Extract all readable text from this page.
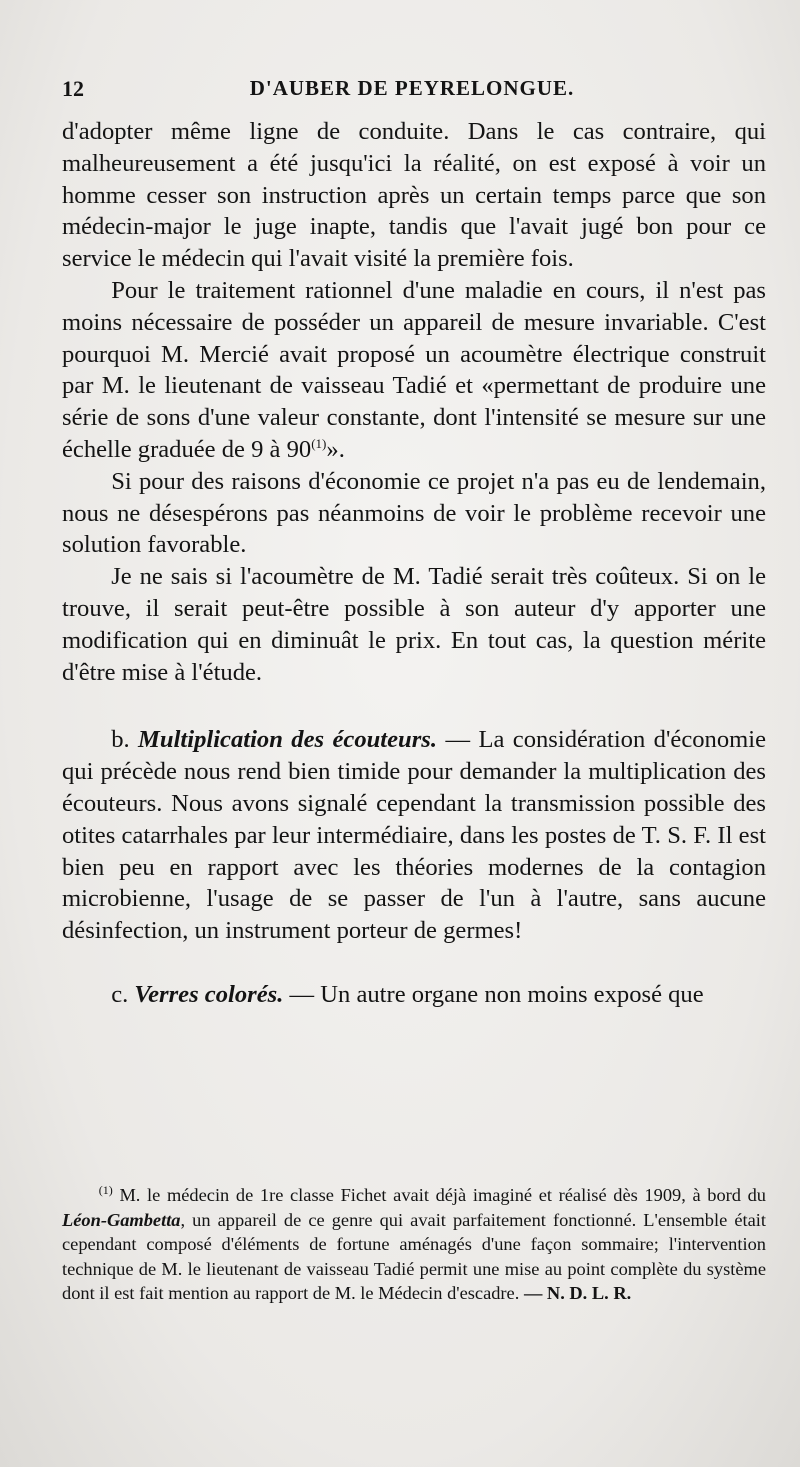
12	D'AUBER DE PEYRELONGUE.

d'adopter même ligne de conduite. Dans le cas contraire, qui malheureusement a été jusqu'ici la réalité, on est exposé à voir un homme cesser son instruction après un certain temps parce que son médecin-major le juge inapte, tandis que l'avait jugé bon pour ce service le médecin qui l'avait visité la première fois.

Pour le traitement rationnel d'une maladie en cours, il n'est pas moins nécessaire de posséder un appareil de mesure invariable. C'est pourquoi M. Mercié avait proposé un acoumètre électrique construit par M. le lieutenant de vaisseau Tadié et «permettant de produire une série de sons d'une valeur constante, dont l'intensité se mesure sur une échelle graduée de 9 à 90$^{(1)}$».

Si pour des raisons d'économie ce projet n'a pas eu de lendemain, nous ne désespérons pas néanmoins de voir le problème recevoir une solution favorable.

Je ne sais si l'acoumètre de M. Tadié serait très coûteux. Si on le trouve, il serait peut-être possible à son auteur d'y apporter une modification qui en diminuât le prix. En tout cas, la question mérite d'être mise à l'étude.

b. Multiplication des écouteurs. — La considération d'économie qui précède nous rend bien timide pour demander la multiplication des écouteurs. Nous avons signalé cependant la transmission possible des otites catarrhales par leur intermédiaire, dans les postes de T. S. F. Il est bien peu en rapport avec les théories modernes de la contagion microbienne, l'usage de se passer de l'un à l'autre, sans aucune désinfection, un instrument porteur de germes!

c. Verres colorés. — Un autre organe non moins exposé que

$^{(1)}$ M. le médecin de 1re classe Fichet avait déjà imaginé et réalisé dès 1909, à bord du Léon-Gambetta, un appareil de ce genre qui avait parfaitement fonctionné. L'ensemble était cependant composé d'éléments de fortune aménagés d'une façon sommaire; l'intervention technique de M. le lieutenant de vaisseau Tadié permit une mise au point complète du système dont il est fait mention au rapport de M. le Médecin d'escadre. — N. D. L. R.
